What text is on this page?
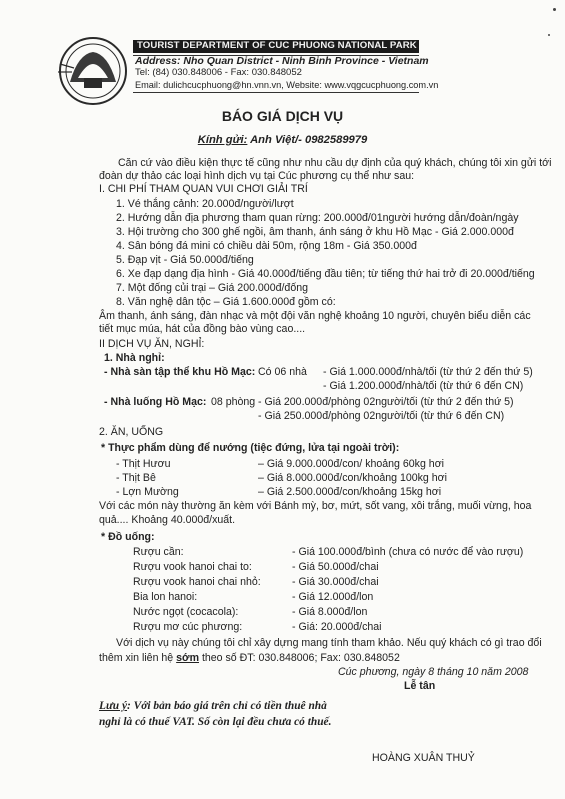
TOURIST DEPARTMENT OF CUC PHUONG NATIONAL PARK
Address: Nho Quan District - Ninh Binh Province - Vietnam
Tel: (84) 030.848006 - Fax: 030.848052
Email: dulichcucphuong@hn.vnn.vn, Website: www.vqgcucphuong.com.vn
BÁO GIÁ DỊCH VỤ
Kính gửi: Anh Việt/- 0982589979
Căn cứ vào điều kiện thực tế cũng như nhu cầu dự định của quý khách, chúng tôi xin gửi tới
đoàn dự thảo các loại hình dịch vụ tại Cúc phương cụ thể như sau:
I. CHI PHÍ THAM QUAN VUI CHƠI GIẢI TRÍ
1. Vé thắng cảnh: 20.000đ/người/lượt
2. Hướng dẫn địa phương tham quan rừng: 200.000đ/01người hướng dẫn/đoàn/ngày
3. Hội trường cho 300 ghế ngồi, âm thanh, ánh sáng ở khu Hồ Mạc - Giá 2.000.000đ
4. Sân bóng đá mini có chiều dài 50m, rộng 18m - Giá 350.000đ
5. Đạp vịt - Giá 50.000đ/tiếng
6. Xe đạp dạng địa hình - Giá 40.000đ/tiếng đầu tiên; từ tiếng thứ hai trở đi 20.000đ/tiếng
7. Một đống củi trại – Giá 200.000đ/đống
8. Văn nghệ dân tộc – Giá 1.600.000đ gồm có:
Âm thanh, ánh sáng, đàn nhạc và một đội văn nghệ khoảng 10 người, chuyên biểu diễn các
tiết mục múa, hát của đồng bào vùng cao....
II DỊCH VỤ ĂN, NGHỈ:
1. Nhà nghỉ:
- Nhà sàn tập thể khu Hồ Mạc: Có 06 nhà - Giá 1.000.000đ/nhà/tối (từ thứ 2 đến thứ 5)
- Giá 1.200.000đ/nhà/tối (từ thứ 6 đến CN)
- Nhà luống Hồ Mạc: 08 phòng - Giá 200.000đ/phòng 02người/tối (từ thứ 2 đến thứ 5)
- Giá 250.000đ/phòng 02người/tối (từ thứ 6 đến CN)
2. ĂN, UỐNG
* Thực phẩm dùng để nướng (tiệc đứng, lửa tại ngoài trời):
- Thịt Hươu	– Giá 9.000.000đ/con/ khoảng 60kg hơi
- Thịt Bê	– Giá 8.000.000đ/con/khoảng 100kg hơi
- Lợn Mường	– Giá 2.500.000đ/con/khoảng 15kg hơi
Với các món này thường ăn kèm với Bánh mỳ, bơ, mứt, sốt vang, xôi trắng, muối vừng, hoa
quả.... Khoảng 40.000đ/xuất.
* Đồ uống:
Rượu cần:	- Giá 100.000đ/bình (chưa có nước để vào rượu)
Rượu vook hanoi chai to:	- Giá 50.000đ/chai
Rượu vook hanoi chai nhỏ:	- Giá 30.000đ/chai
Bia lon hanoi:	- Giá 12.000đ/lon
Nước ngọt (cocacola):	- Giá 8.000đ/lon
Rượu mơ cúc phương:	- Giá: 20.000đ/chai
Với dịch vụ này chúng tôi chỉ xây dựng mang tính tham khảo. Nếu quý khách có gì trao đổi
thêm xin liên hệ sớm theo số ĐT: 030.848006; Fax: 030.848052
Cúc phương, ngày 8 tháng 10 năm 2008
Lễ tân
Lưu ý: Với bản báo giá trên chỉ có tiền thuê nhà
nghỉ là có thuế VAT. Số còn lại đều chưa có thuế.
HOÀNG XUÂN THUỶ
